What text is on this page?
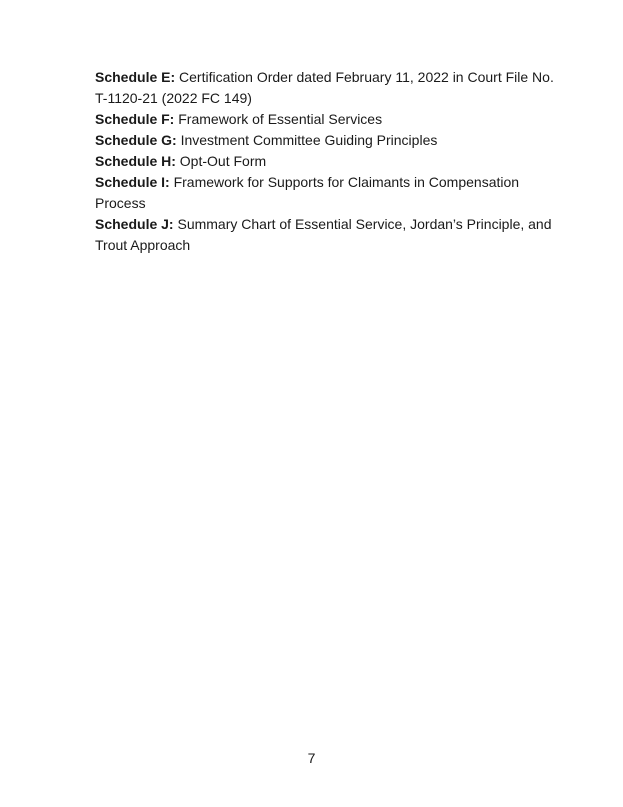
Schedule E: Certification Order dated February 11, 2022 in Court File No. T-1120-21 (2022 FC 149)

Schedule F: Framework of Essential Services

Schedule G: Investment Committee Guiding Principles

Schedule H: Opt-Out Form

Schedule I: Framework for Supports for Claimants in Compensation Process

Schedule J: Summary Chart of Essential Service, Jordan’s Principle, and Trout Approach

7
